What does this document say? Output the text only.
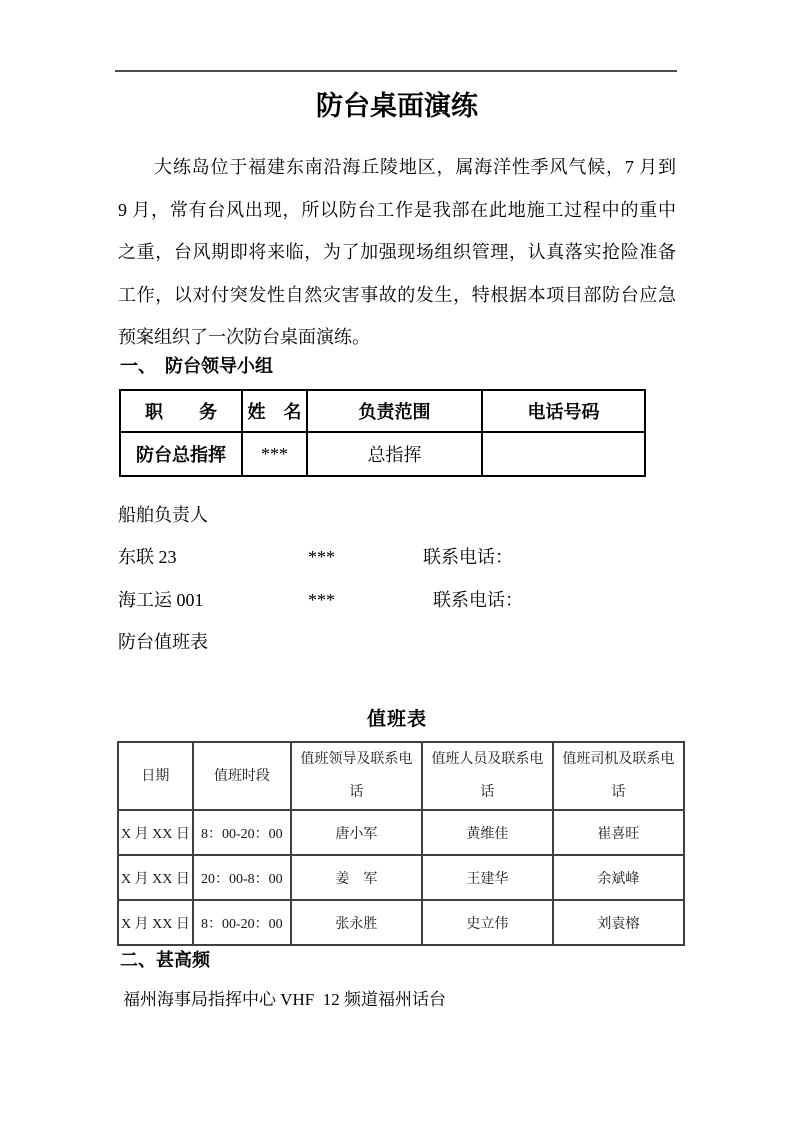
防台桌面演练
大练岛位于福建东南沿海丘陵地区，属海洋性季风气候，7 月到
9 月，常有台风出现，所以防台工作是我部在此地施工过程中的重中
之重，台风期即将来临，为了加强现场组织管理，认真落实抢险准备
工作，以对付突发性自然灾害事故的发生，特根据本项目部防台应急
预案组织了一次防台桌面演练。
一、　防台领导小组
职　　务	姓　名	负责范围	电话号码
防台总指挥	***	总指挥	
船舶负责人
东联 23	***	联系电话：
海工运 001	***	联系电话：
防台值班表
值班表
日期	值班时段	值班领导及联系电话	值班人员及联系电话	值班司机及联系电话
X 月 XX 日	8：00-20：00	唐小军	黄维佳	崔喜旺
X 月 XX 日	20：00-8：00	姜　军	王建华	余斌峰
X 月 XX 日	8：00-20：00	张永胜	史立伟	刘袁榕
二、甚高频
福州海事局指挥中心 VHF  12 频道福州话台
